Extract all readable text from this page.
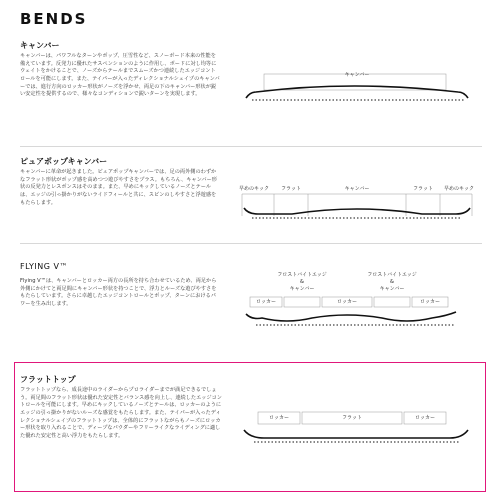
BENDS
キャンバー
キャンバーは、パワフルなターンやポップ、圧雪性など、スノーボード本来の性能を備えています。反発力に優れたサスペンションのように作用し、ボードに対し均等にウェイトをかけることで、ノーズからテールまでスムーズかつ連続したエッジコントロールを可能にします。また、テイパーが入ったディレクショナルシェイプのキャンバーでは、進行方向のロッカー形状がノーズを浮かせ、両足の下のキャンバー形状が鋭い安定性を提供するので、様々なコンディションで鋭いターンを実現します。
キャンバー
ピュアポップキャンバー
キャンバーに革命が起きました。ピュアポップキャンバーでは、足の両外側のわずかなフラット形状がポップ感を高めつつ遊びやすさをプラス。もちろん、キャンバー形状の反発力とレスポンスはそのまま。また、早めにキックしているノーズとテールは、エッジの引っ掛かりがないライドフィールと共に、スピンのしやすさと浮遊感をもたらします。
早めのキック	フラット	キャンバー	フラット	早めのキック
FLYING V™
Flying V™は、キャンバーとロッカー両方の長所を持ち合わせているため、両足から外側にかけてと両足間にキャンバー形状を持つことで、浮力とルーズな遊びやすさをもたらしています。さらに卓越したエッジコントロールとポップ、ターンにおけるパワーを生み出します。
フロストバイトエッジ
&
キャンバー
ロッカー	ロッカー
フロストバイトエッジ
&
キャンバー
ロッカー
フラットトップ
フラットトップなら、成長途中のライダーからプロライダーまでが満足できるでしょう。両足間のフラット形状は優れた安定性とバランス感を向上し、連続したエッジコントロールを可能にします。早めにキックしているノーズとテールは、ロッカーのようにエッジの引っ掛かりがないルーズな感覚をもたらします。また、テイパーが入ったディレクショナルシェイプのフラットトップは、全体的にフラットながらもノーズにロッカー形状を取り入れることで、ディープなパウダーやフリーライクなライディングに適した優れた安定性と高い浮力をもたらします。
ロッカー	フラット	ロッカー
